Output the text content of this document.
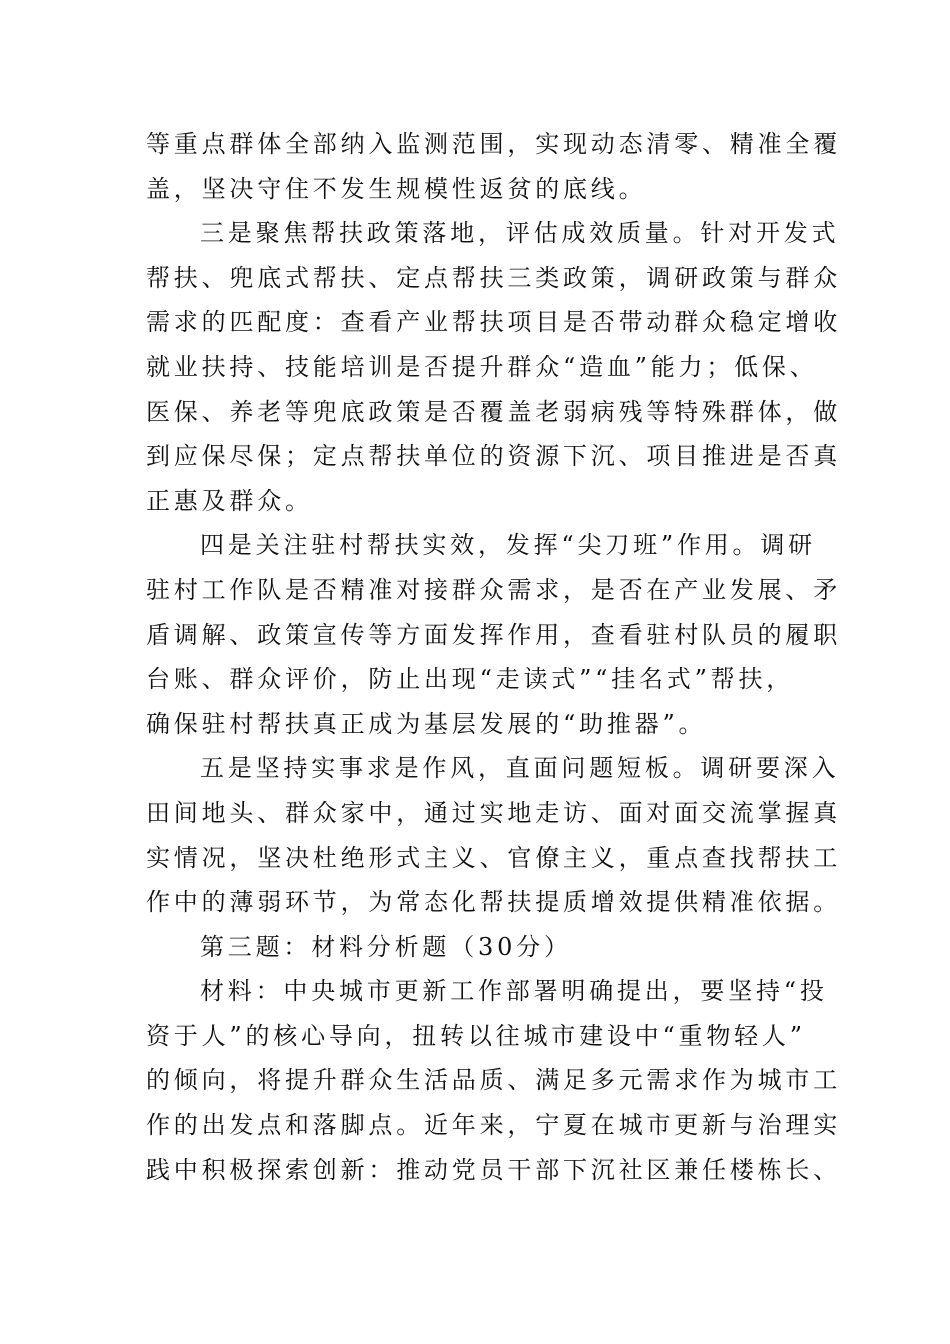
等重点群体全部纳入监测范围，实现动态清零、精准全覆
盖，坚决守住不发生规模性返贫的底线。
三是聚焦帮扶政策落地，评估成效质量。针对开发式
帮扶、兜底式帮扶、定点帮扶三类政策，调研政策与群众
需求的匹配度：查看产业帮扶项目是否带动群众稳定增收
就业扶持、技能培训是否提升群众“造血”能力；低保、
医保、养老等兜底政策是否覆盖老弱病残等特殊群体，做
到应保尽保；定点帮扶单位的资源下沉、项目推进是否真
正惠及群众。
四是关注驻村帮扶实效，发挥“尖刀班”作用。调研
驻村工作队是否精准对接群众需求，是否在产业发展、矛
盾调解、政策宣传等方面发挥作用，查看驻村队员的履职
台账、群众评价，防止出现“走读式”“挂名式”帮扶，
确保驻村帮扶真正成为基层发展的“助推器”。
五是坚持实事求是作风，直面问题短板。调研要深入
田间地头、群众家中，通过实地走访、面对面交流掌握真
实情况，坚决杜绝形式主义、官僚主义，重点查找帮扶工
作中的薄弱环节，为常态化帮扶提质增效提供精准依据。
第三题：材料分析题（30分）
材料：中央城市更新工作部署明确提出，要坚持“投
资于人”的核心导向，扭转以往城市建设中“重物轻人”
的倾向，将提升群众生活品质、满足多元需求作为城市工
作的出发点和落脚点。近年来，宁夏在城市更新与治理实
践中积极探索创新：推动党员干部下沉社区兼任楼栋长、
